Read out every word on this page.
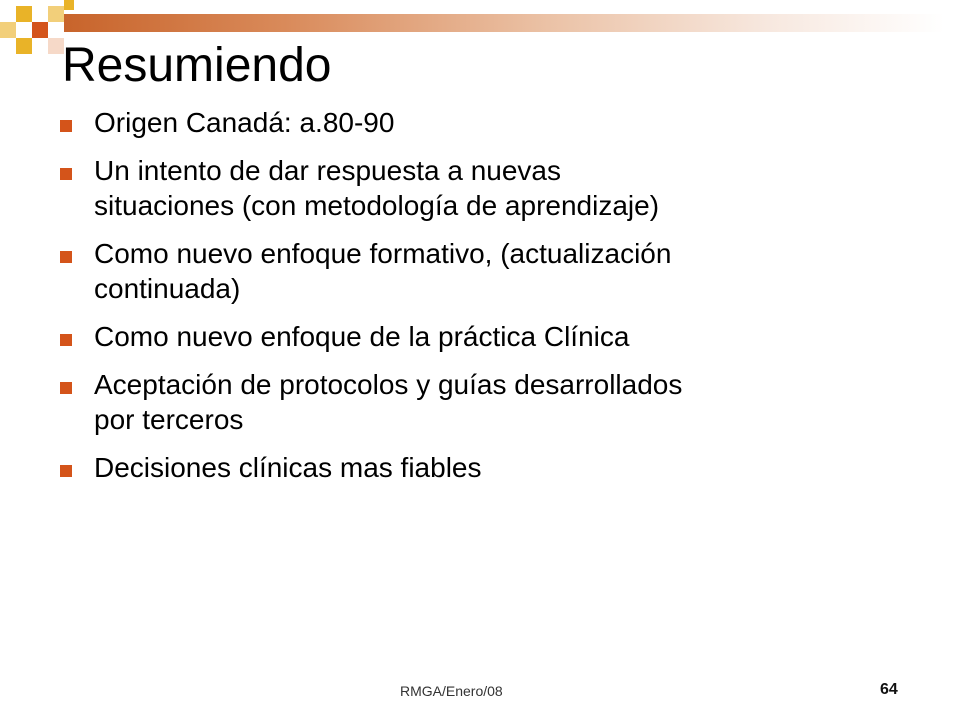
Resumiendo
Origen Canadá: a.80-90
Un intento de dar respuesta a nuevas
situaciones (con metodología de aprendizaje)
Como nuevo enfoque formativo, (actualización
continuada)
Como nuevo enfoque de la práctica Clínica
Aceptación de protocolos y guías desarrollados
por terceros
Decisiones clínicas mas fiables
RMGA/Enero/08	64
